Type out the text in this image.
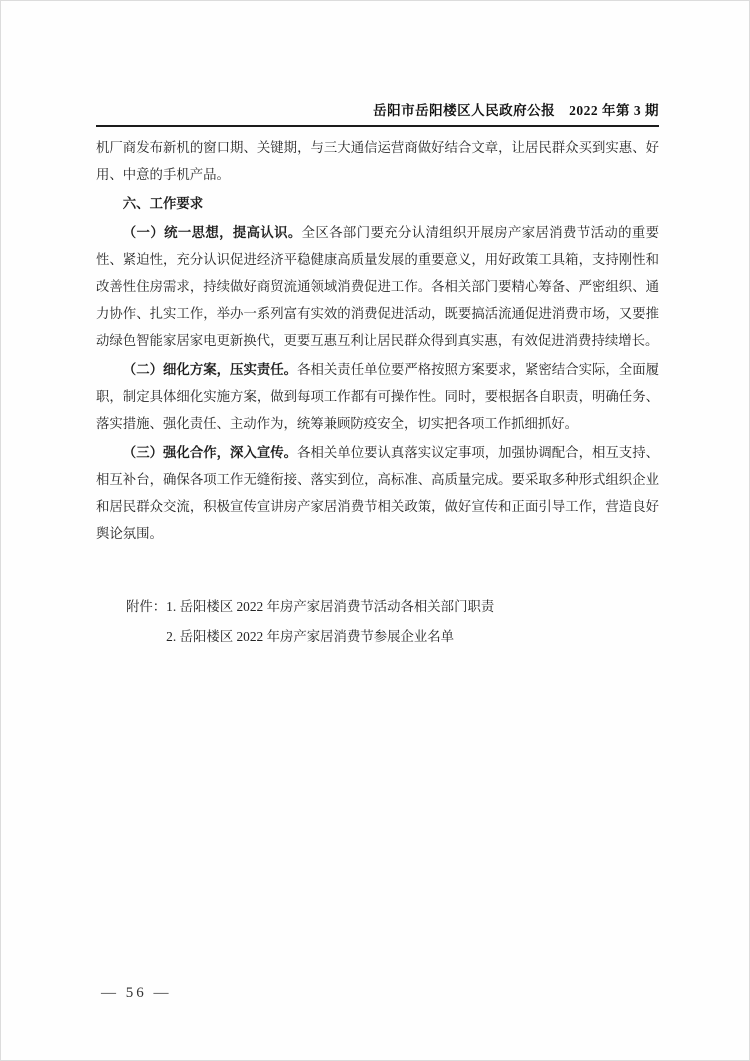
岳阳市岳阳楼区人民政府公报 2022 年第 3 期

机厂商发布新机的窗口期、关键期，与三大通信运营商做好结合文章，让居民群众买到实惠、好用、中意的手机产品。

六、工作要求

（一）统一思想，提高认识。全区各部门要充分认清组织开展房产家居消费节活动的重要性、紧迫性，充分认识促进经济平稳健康高质量发展的重要意义，用好政策工具箱，支持刚性和改善性住房需求，持续做好商贸流通领域消费促进工作。各相关部门要精心筹备、严密组织、通力协作、扎实工作，举办一系列富有实效的消费促进活动，既要搞活流通促进消费市场，又要推动绿色智能家居家电更新换代，更要互惠互利让居民群众得到真实惠，有效促进消费持续增长。

（二）细化方案，压实责任。各相关责任单位要严格按照方案要求，紧密结合实际，全面履职，制定具体细化实施方案，做到每项工作都有可操作性。同时，要根据各自职责，明确任务、落实措施、强化责任、主动作为，统筹兼顾防疫安全，切实把各项工作抓细抓好。

（三）强化合作，深入宣传。各相关单位要认真落实议定事项，加强协调配合，相互支持、相互补台，确保各项工作无缝衔接、落实到位，高标准、高质量完成。要采取多种形式组织企业和居民群众交流，积极宣传宣讲房产家居消费节相关政策，做好宣传和正面引导工作，营造良好舆论氛围。

附件： 1. 岳阳楼区 2022 年房产家居消费节活动各相关部门职责
2. 岳阳楼区 2022 年房产家居消费节参展企业名单
— 56 —
